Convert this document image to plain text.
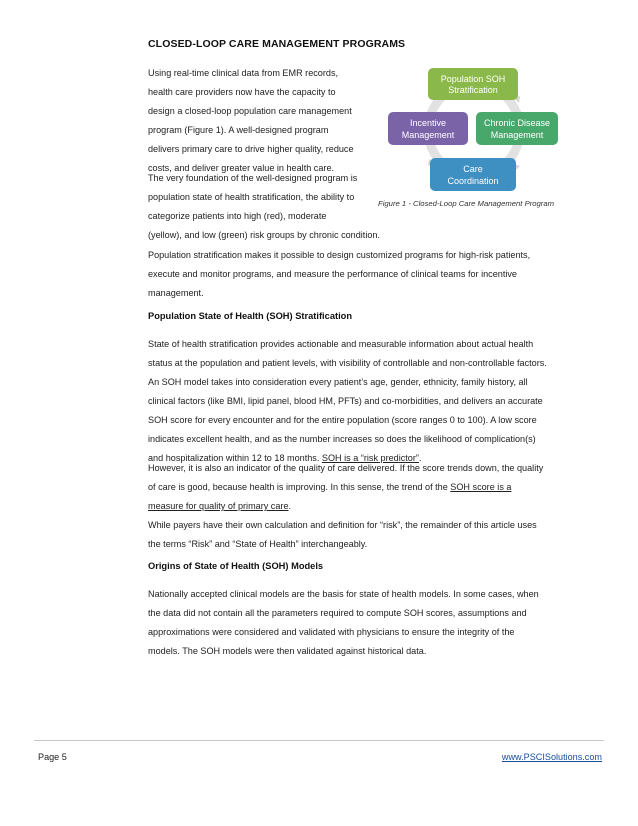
CLOSED-LOOP CARE MANAGEMENT PROGRAMS
Using real-time clinical data from EMR records,
health care providers now have the capacity to
design a closed-loop population care management
program (Figure 1). A well-designed program
delivers primary care to drive higher quality, reduce
costs, and deliver greater value in health care.
The very foundation of the well-designed program is
population state of health stratification, the ability to
categorize patients into high (red), moderate
(yellow), and low (green) risk groups by chronic condition.
Population SOH
Stratification
Chronic Disease
Management
Care
Coordination
Incentive
Management
Figure 1 - Closed-Loop Care Management Program
Population stratification makes it possible to design customized programs for high-risk patients,
execute and monitor programs, and measure the performance of clinical teams for incentive
management.
Population State of Health (SOH) Stratification
State of health stratification provides actionable and measurable information about actual health
status at the population and patient levels, with visibility of controllable and non-controllable factors.
An SOH model takes into consideration every patient’s age, gender, ethnicity, family history, all
clinical factors (like BMI, lipid panel, blood HM, PFTs) and co-morbidities, and delivers an accurate
SOH score for every encounter and for the entire population (score ranges 0 to 100). A low score
indicates excellent health, and as the number increases so does the likelihood of complication(s)
and hospitalization within 12 to 18 months. SOH is a “risk predictor”.
However, it is also an indicator of the quality of care delivered. If the score trends down, the quality
of care is good, because health is improving. In this sense, the trend of the SOH score is a
measure for quality of primary care.
While payers have their own calculation and definition for “risk”, the remainder of this article uses
the terms “Risk” and “State of Health” interchangeably.
Origins of State of Health (SOH) Models
Nationally accepted clinical models are the basis for state of health models. In some cases, when
the data did not contain all the parameters required to compute SOH scores, assumptions and
approximations were considered and validated with physicians to ensure the integrity of the
models. The SOH models were then validated against historical data.
Page 5	www.PSCISolutions.com
